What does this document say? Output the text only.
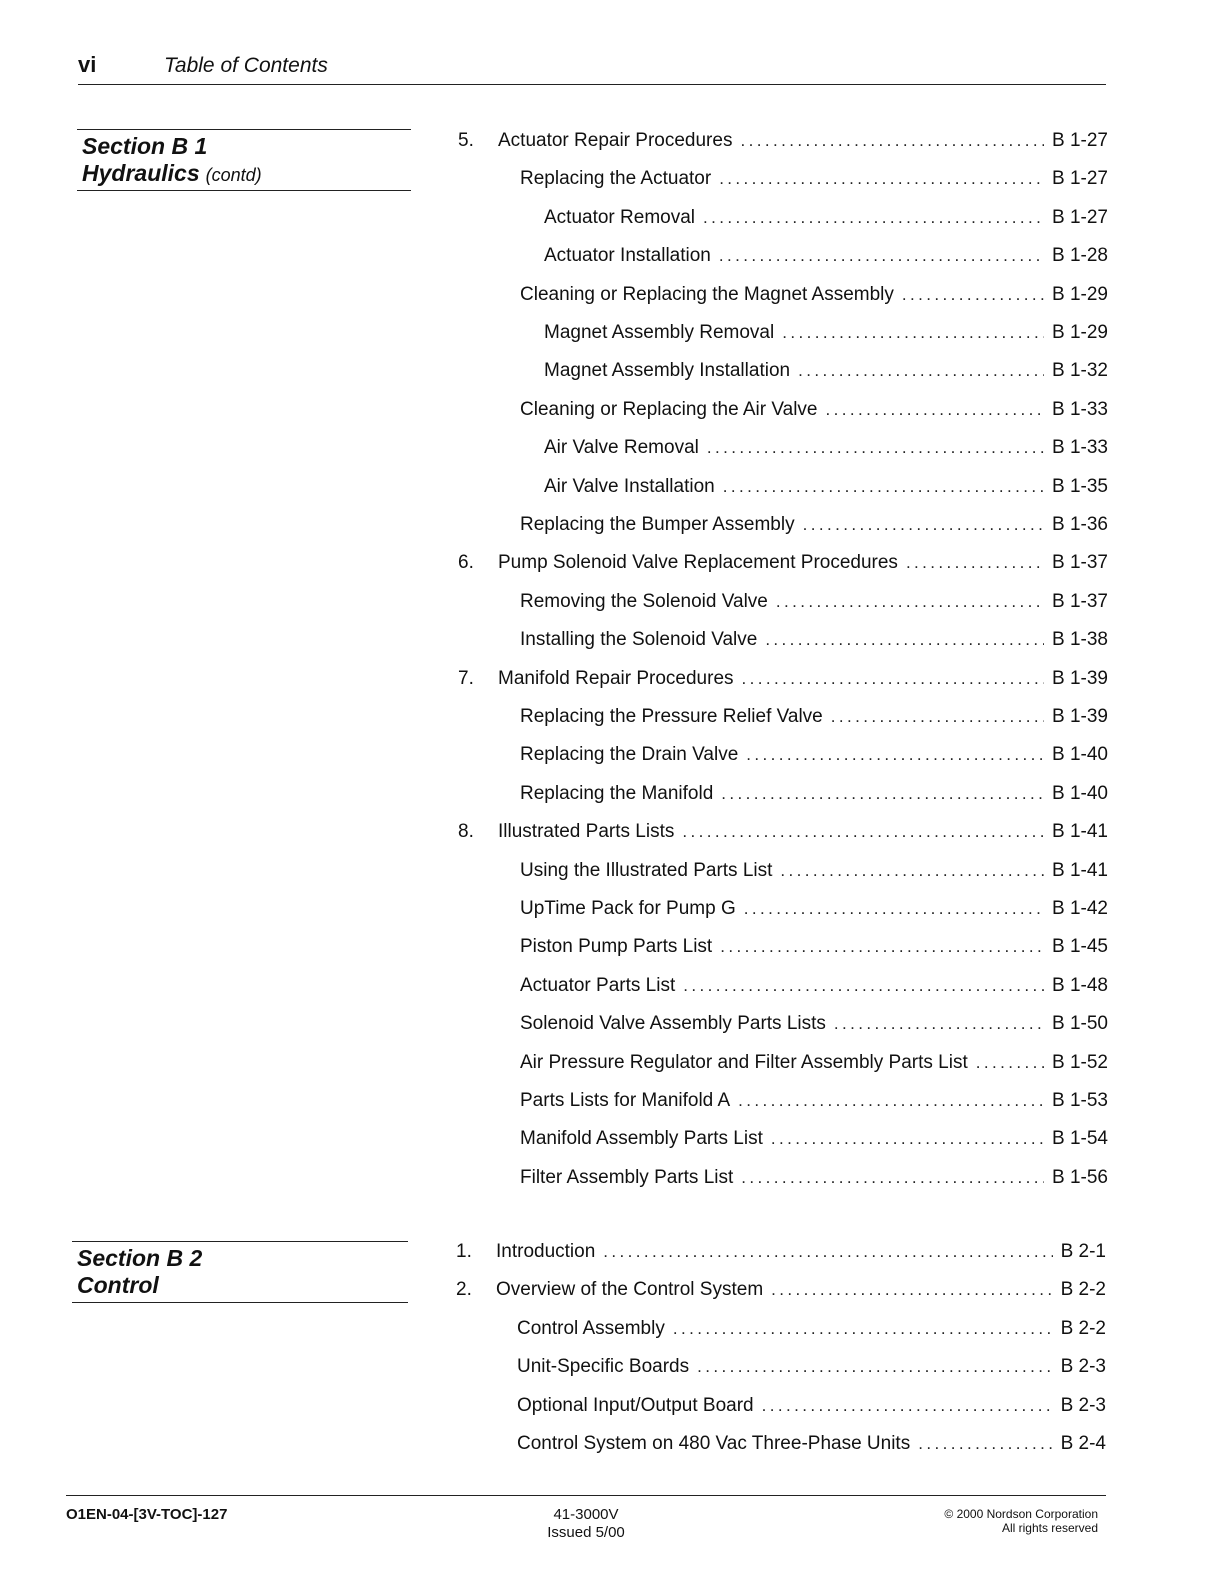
vi	Table of Contents
Section B 1
Hydraulics (contd)
Section B 2
Control
5. Actuator Repair Procedures .....	B 1-27
Replacing the Actuator .....	B 1-27
Actuator Removal .....	B 1-27
Actuator Installation .....	B 1-28
Cleaning or Replacing the Magnet Assembly .....	B 1-29
Magnet Assembly Removal .....	B 1-29
Magnet Assembly Installation .....	B 1-32
Cleaning or Replacing the Air Valve .....	B 1-33
Air Valve Removal .....	B 1-33
Air Valve Installation .....	B 1-35
Replacing the Bumper Assembly .....	B 1-36
6. Pump Solenoid Valve Replacement Procedures .....	B 1-37
Removing the Solenoid Valve .....	B 1-37
Installing the Solenoid Valve .....	B 1-38
7. Manifold Repair Procedures .....	B 1-39
Replacing the Pressure Relief Valve .....	B 1-39
Replacing the Drain Valve .....	B 1-40
Replacing the Manifold .....	B 1-40
8. Illustrated Parts Lists .....	B 1-41
Using the Illustrated Parts List .....	B 1-41
UpTime Pack for Pump G .....	B 1-42
Piston Pump Parts List .....	B 1-45
Actuator Parts List .....	B 1-48
Solenoid Valve Assembly Parts Lists .....	B 1-50
Air Pressure Regulator and Filter Assembly Parts List .....	B 1-52
Parts Lists for Manifold A .....	B 1-53
Manifold Assembly Parts List .....	B 1-54
Filter Assembly Parts List .....	B 1-56
1. Introduction .....	B 2-1
2. Overview of the Control System .....	B 2-2
Control Assembly .....	B 2-2
Unit-Specific Boards .....	B 2-3
Optional Input/Output Board .....	B 2-3
Control System on 480 Vac Three-Phase Units .....	B 2-4
O1EN-04-[3V-TOC]-127	41-3000V
Issued 5/00
© 2000 Nordson Corporation
All rights reserved
